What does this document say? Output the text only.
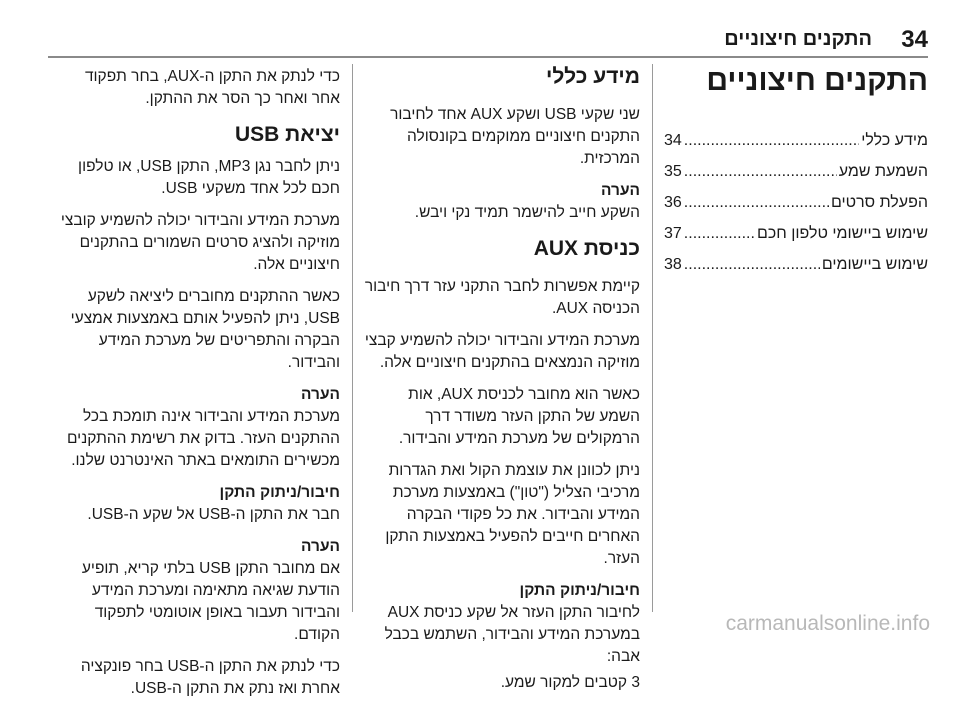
34
התקנים חיצוניים
התקנים חיצוניים
מידע כללי
.....
34
השמעת שמע
.....
35
הפעלת סרטים
.....
36
שימוש ביישומי טלפון חכם
.....
37
שימוש ביישומים
.....
38
מידע כללי

שני שקעי USB ושקע AUX אחד לחיבור התקנים חיצוניים ממוקמים בקונסולה המרכזית.

הערה

השקע חייב להישמר תמיד נקי ויבש.

כניסת AUX

קיימת אפשרות לחבר התקני עזר דרך חיבור הכניסה AUX.

מערכת המידע והבידור יכולה להשמיע קבצי מוזיקה הנמצאים בהתקנים חיצוניים אלה.

כאשר הוא מחובר לכניסת AUX, אות השמע של התקן העזר משודר דרך הרמקולים של מערכת המידע והבידור.

ניתן לכוונן את עוצמת הקול ואת הגדרות מרכיבי הצליל ("טון") באמצעות מערכת המידע והבידור. את כל פקודי הבקרה האחרים חייבים להפעיל באמצעות התקן העזר.

חיבור/ניתוק התקן

לחיבור התקן העזר אל שקע כניסת AUX במערכת המידע והבידור, השתמש בכבל אבה:

3 קטבים למקור שמע.

כדי לנתק את התקן ה-AUX, בחר תפקוד אחר ואחר כך הסר את ההתקן.

יציאת USB

ניתן לחבר נגן MP3, התקן USB, או טלפון חכם לכל אחד משקעי USB.

מערכת המידע והבידור יכולה להשמיע קובצי מוזיקה ולהציג סרטים השמורים בהתקנים חיצוניים אלה.

כאשר ההתקנים מחוברים ליציאה לשקע USB, ניתן להפעיל אותם באמצעות אמצעי הבקרה והתפריטים של מערכת המידע והבידור.

הערה

מערכת המידע והבידור אינה תומכת בכל ההתקנים העזר. בדוק את רשימת ההתקנים מכשירים התומאים באתר האינטרנט שלנו.

חיבור/ניתוק התקן

חבר את התקן ה-USB אל שקע ה-USB.

הערה

אם מחובר התקן USB בלתי קריא, תופיע הודעת שגיאה מתאימה ומערכת המידע והבידור תעבור באופן אוטומטי לתפקוד הקודם.

כדי לנתק את התקן ה-USB בחר פונקציה אחרת ואז נתק את התקן ה-USB.

carmanualsonline.info
